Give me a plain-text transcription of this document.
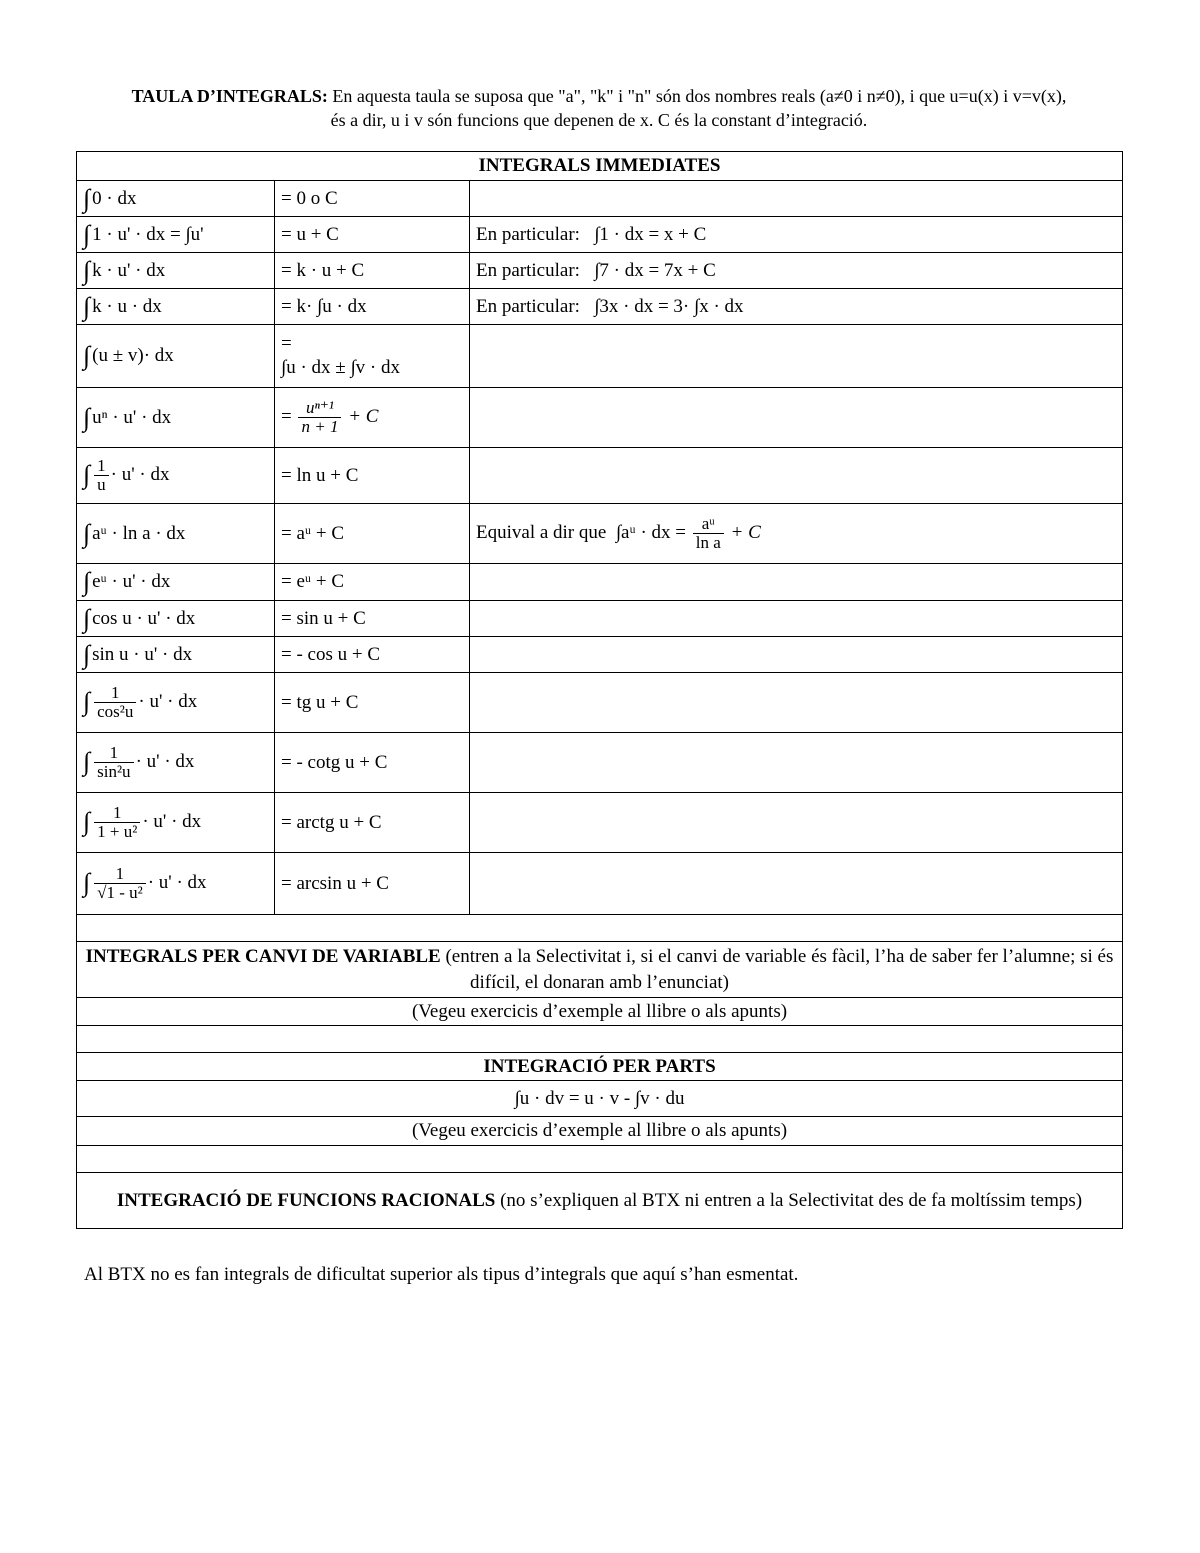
TAULA D’INTEGRALS: En aquesta taula se suposa que "a", "k" i "n" són dos nombres reals (a≠0 i n≠0), i que u=u(x) i v=v(x),
és a dir, u i v són funcions que depenen de x. C és la constant d’integració.
INTEGRALS IMMEDIATES		
∫ 0 · dx	= 0 o C	
∫ 1 · u' · dx = ∫u'	= u + C	En particular: ∫1 · dx = x + C
∫ k · u' · dx	= k · u + C	En particular: ∫7 · dx = 7x + C
∫ k · u · dx	= k· ∫u · dx	En particular: ∫3x · dx = 3· ∫x · dx
∫ (u ± v)· dx	=
∫u · dx ± ∫v · dx	
∫ uⁿ · u' · dx	= $\frac{\text{uⁿ⁺¹}}{n + 1} + C$	
∫ $\frac{1}{u} \cdot u'$ · dx	= ln u + C	
∫ aᵘ · ln a · dx	= aᵘ + C	Equival a dir que ∫aᵘ · dx = $\frac{\text{aᵘ}}{\text{ln a}} + C$
∫ eᵘ · u' · dx	= eᵘ + C	
∫ cos u · u' · dx	= sin u + C	
∫ sin u · u' · dx	= - cos u + C	
∫ $\frac{1}{\text{cos²u}} \cdot u'$ · dx	= tg u + C	
∫ $\frac{1}{\text{sin²u}} \cdot u'$ · dx	= - cotg u + C	
∫ $\frac{1}{\text{1 + u²}} \cdot u'$ · dx	= arctg u + C	
∫ $\frac{1}{\text{√1 - u²}} \cdot u'$ · dx	= arcsin u + C	

INTEGRALS PER CANVI DE VARIABLE (entren a la Selectivitat i, si el canvi de variable és fàcil, l’ha de saber fer l’alumne; si és difícil, el donaran amb l’enunciat)		
(Vegeu exercicis d’exemple al llibre o als apunts)		

INTEGRACIÓ PER PARTS		
∫u · dv = u · v - ∫v · du		
(Vegeu exercicis d’exemple al llibre o als apunts)		

INTEGRACIÓ DE FUNCIONS RACIONALS (no s’expliquen al BTX ni entren a la Selectivitat des de fa moltíssim temps)		
Al BTX no es fan integrals de dificultat superior als tipus d’integrals que aquí s’han esmentat.
